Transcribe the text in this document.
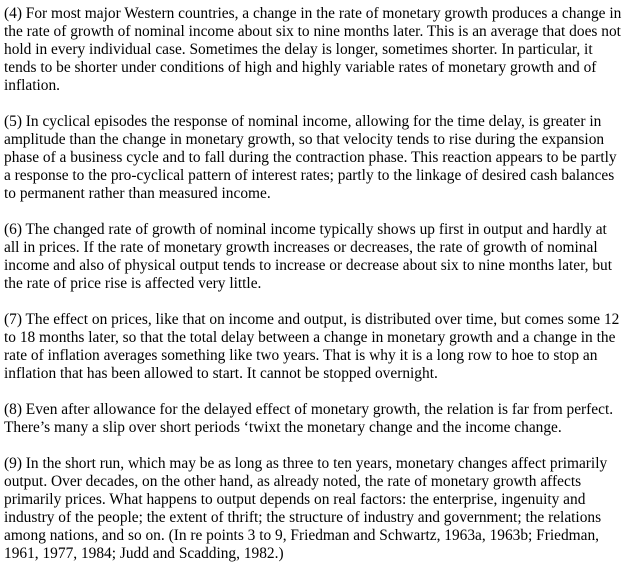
(4) For most major Western countries, a change in the rate of monetary growth produces a change in the rate of growth of nominal income about six to nine months later. This is an average that does not hold in every individual case. Sometimes the delay is longer, sometimes shorter. In particular, it tends to be shorter under conditions of high and highly variable rates of monetary growth and of inflation.

(5) In cyclical episodes the response of nominal income, allowing for the time delay, is greater in amplitude than the change in monetary growth, so that velocity tends to rise during the expansion phase of a business cycle and to fall during the contraction phase. This reaction appears to be partly a response to the pro-cyclical pattern of interest rates; partly to the linkage of desired cash balances to permanent rather than measured income.

(6) The changed rate of growth of nominal income typically shows up first in output and hardly at all in prices. If the rate of monetary growth increases or decreases, the rate of growth of nominal income and also of physical output tends to increase or decrease about six to nine months later, but the rate of price rise is affected very little.

(7) The effect on prices, like that on income and output, is distributed over time, but comes some 12 to 18 months later, so that the total delay between a change in monetary growth and a change in the rate of inflation averages something like two years. That is why it is a long row to hoe to stop an inflation that has been allowed to start. It cannot be stopped overnight.

(8) Even after allowance for the delayed effect of monetary growth, the relation is far from perfect. There’s many a slip over short periods ‘twixt the monetary change and the income change.

(9) In the short run, which may be as long as three to ten years, monetary changes affect primarily output. Over decades, on the other hand, as already noted, the rate of monetary growth affects primarily prices. What happens to output depends on real factors: the enterprise, ingenuity and industry of the people; the extent of thrift; the structure of industry and government; the relations among nations, and so on. (In re points 3 to 9, Friedman and Schwartz, 1963a, 1963b; Friedman, 1961, 1977, 1984; Judd and Scadding, 1982.)
